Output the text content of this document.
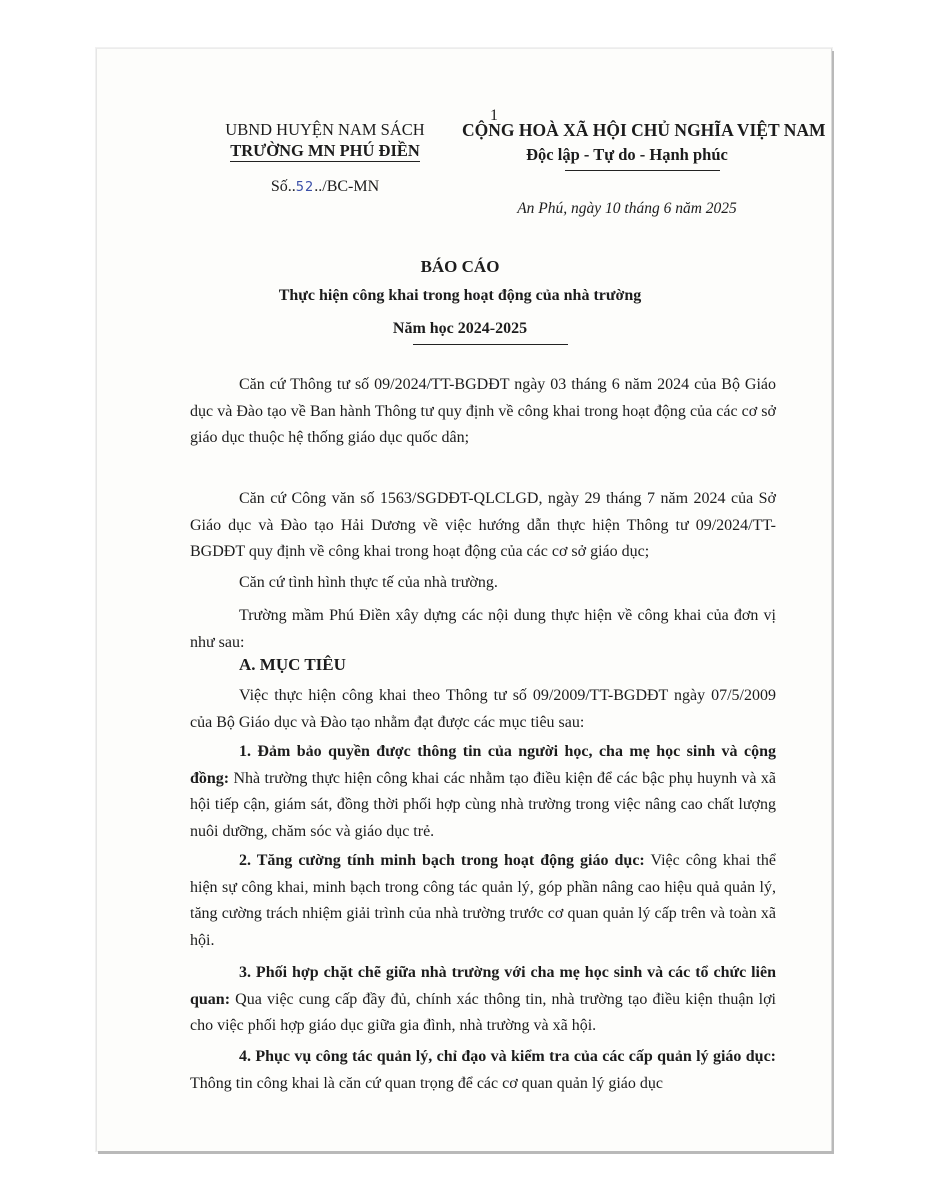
1
UBND HUYỆN NAM SÁCH
TRƯỜNG MN PHÚ ĐIỀN
Số..52../BC-MN
CỘNG HOÀ XÃ HỘI CHỦ NGHĨA VIỆT NAM
Độc lập - Tự do - Hạnh phúc
An Phú, ngày 10 tháng 6 năm 2025
BÁO CÁO
Thực hiện công khai trong hoạt động của nhà trường
Năm học 2024-2025

Căn cứ Thông tư số 09/2024/TT-BGDĐT ngày 03 tháng 6 năm 2024 của Bộ Giáo dục và Đào tạo về Ban hành Thông tư quy định về công khai trong hoạt động của các cơ sở giáo dục thuộc hệ thống giáo dục quốc dân;

Căn cứ Công văn số 1563/SGDĐT-QLCLGD, ngày 29 tháng 7 năm 2024 của Sở Giáo dục và Đào tạo Hải Dương về việc hướng dẫn thực hiện Thông tư 09/2024/TT-BGDĐT quy định về công khai trong hoạt động của các cơ sở giáo dục;

Căn cứ tình hình thực tế của nhà trường.

Trường mầm Phú Điền xây dựng các nội dung thực hiện về công khai của đơn vị như sau:

A. MỤC TIÊU

Việc thực hiện công khai theo Thông tư số 09/2009/TT-BGDĐT ngày 07/5/2009 của Bộ Giáo dục và Đào tạo nhằm đạt được các mục tiêu sau:

1. Đảm bảo quyền được thông tin của người học, cha mẹ học sinh và cộng đồng: Nhà trường thực hiện công khai các nhằm tạo điều kiện để các bậc phụ huynh và xã hội tiếp cận, giám sát, đồng thời phối hợp cùng nhà trường trong việc nâng cao chất lượng nuôi dưỡng, chăm sóc và giáo dục trẻ.

2. Tăng cường tính minh bạch trong hoạt động giáo dục: Việc công khai thể hiện sự công khai, minh bạch trong công tác quản lý, góp phần nâng cao hiệu quả quản lý, tăng cường trách nhiệm giải trình của nhà trường trước cơ quan quản lý cấp trên và toàn xã hội.

3. Phối hợp chặt chẽ giữa nhà trường với cha mẹ học sinh và các tổ chức liên quan: Qua việc cung cấp đầy đủ, chính xác thông tin, nhà trường tạo điều kiện thuận lợi cho việc phối hợp giáo dục giữa gia đình, nhà trường và xã hội.

4. Phục vụ công tác quản lý, chỉ đạo và kiểm tra của các cấp quản lý giáo dục: Thông tin công khai là căn cứ quan trọng để các cơ quan quản lý giáo dục
